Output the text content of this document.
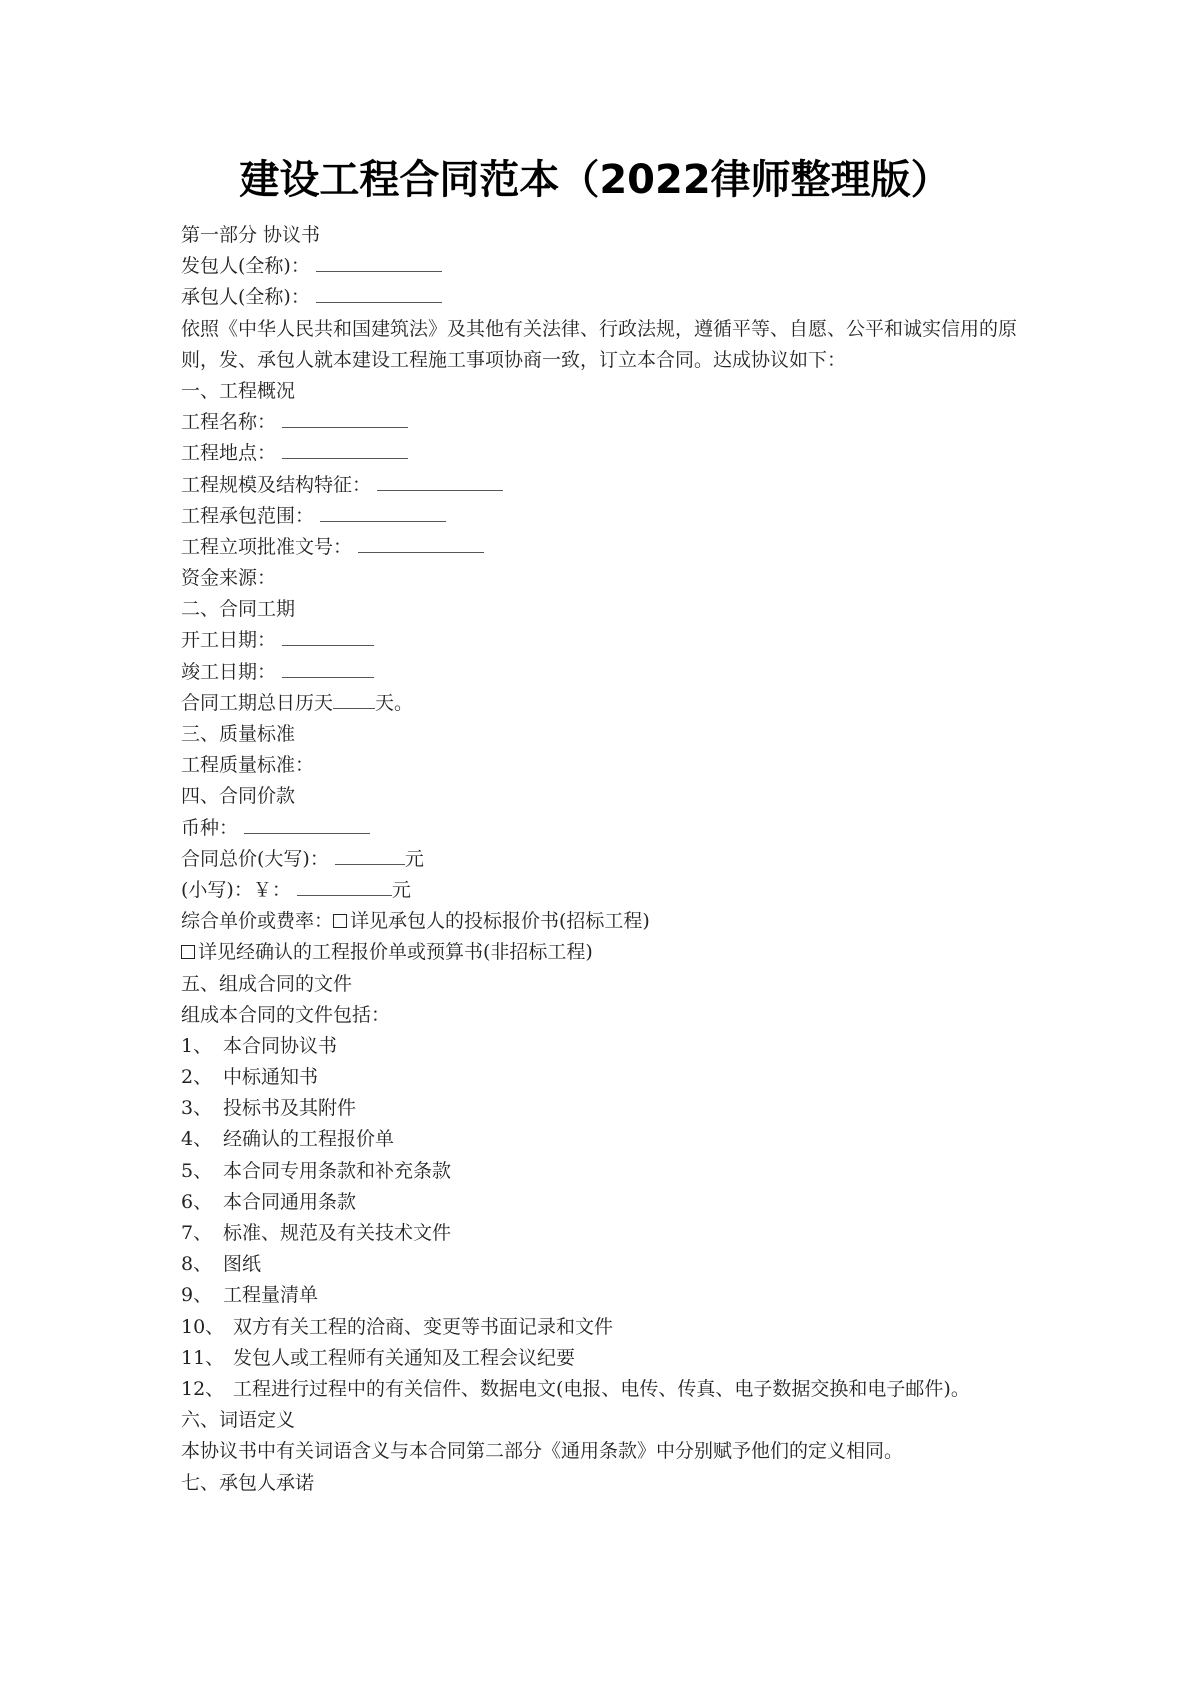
建设工程合同范本（2022律师整理版）
第一部分 协议书
发包人(全称)：
承包人(全称)：
依照《中华人民共和国建筑法》及其他有关法律、行政法规，遵循平等、自愿、公平和诚实信用的原则，发、承包人就本建设工程施工事项协商一致，订立本合同。达成协议如下：
一、工程概况
工程名称：
工程地点：
工程规模及结构特征：
工程承包范围：
工程立项批准文号：
资金来源：
二、合同工期
开工日期：
竣工日期：
合同工期总日历天 天。
三、质量标准
工程质量标准：
四、合同价款
币种：
合同总价(大写)：	元
(小写)：￥：	元
综合单价或费率： 详见承包人的投标报价书(招标工程)
详见经确认的工程报价单或预算书(非招标工程)
五、组成合同的文件
组成本合同的文件包括：
1、 本合同协议书
2、 中标通知书
3、 投标书及其附件
4、 经确认的工程报价单
5、 本合同专用条款和补充条款
6、 本合同通用条款
7、 标准、规范及有关技术文件
8、 图纸
9、 工程量清单
10、 双方有关工程的洽商、变更等书面记录和文件
11、 发包人或工程师有关通知及工程会议纪要
12、 工程进行过程中的有关信件、数据电文(电报、电传、传真、电子数据交换和电子邮件)。
六、词语定义
本协议书中有关词语含义与本合同第二部分《通用条款》中分别赋予他们的定义相同。
七、承包人承诺
